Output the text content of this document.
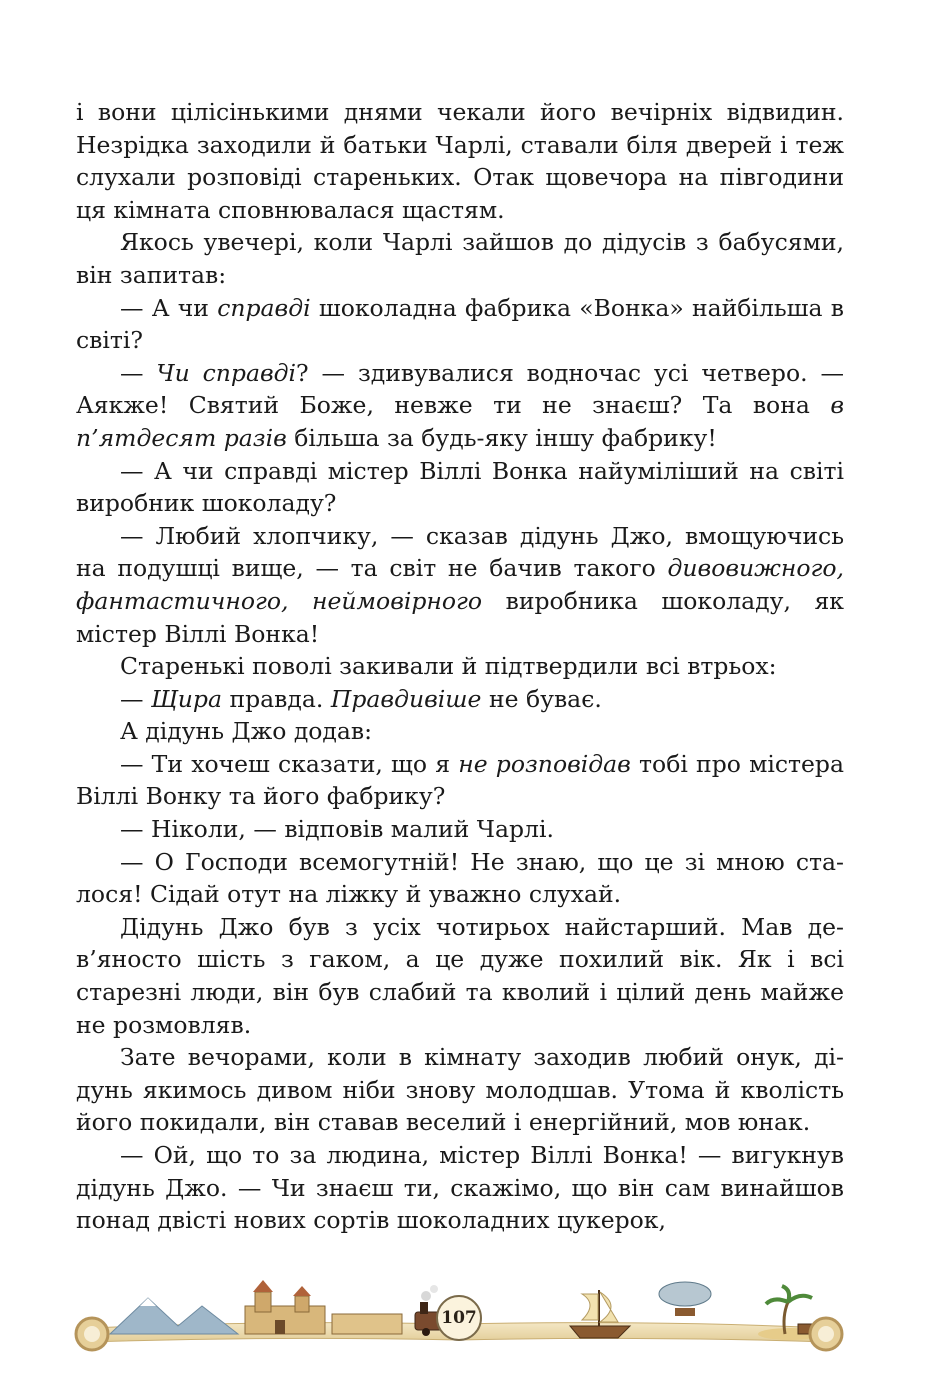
і вони цілісінькими днями чекали його вечірніх відвидин. Незрідка заходили й батьки Чарлі, ставали біля дверей і теж слухали розповіді старенькиx. Отак щовечора на півгодини ця кімната сповнювалася щастям.

Якось увечері, коли Чарлі зайшов до дідусів з бабусями, він запитав:

— А чи справді шоколадна фабрика «Вонка» найбільша в світі?

— Чи справді? — здивувалися водночас усі четверо. — Аякже! Святий Боже, невже ти не знаєш? Та вона в п’ятдесят разів більша за будь-яку іншу фабрику!

— А чи справді містер Віллі Вонка найуміліший на світі виробник шоколаду?

— Любий хлопчику, — сказав дідунь Джо, вмощуючись на подушці вище, — та світ не бачив такого дивовижного, фантастичного, неймовірного виробника шоколаду, як містер Віллі Вонка!

Старенькі поволі закивали й підтвердили всі втрьох:

— Щира правда. Правдивіше не буває.

А дідунь Джо додав:

— Ти хочеш сказати, що я не розповідав тобі про містера Віллі Вонку та його фабрику?

— Ніколи, — відповів малий Чарлі.

— О Господи всемогутній! Не знаю, що це зі мною сталося! Сідай отут на ліжку й уважно слухай.

Дідунь Джо був з усіх чотирьох найстарший. Мав дев’яносто шість з гаком, а це дуже похилий вік. Як і всі старезні люди, він був слабий та кволий і цілий день майже не розмовляв.

Зате вечорами, коли в кімнату заходив любий онук, дідунь якимось дивом ніби знову молодшав. Утома й кволість його покидали, він ставав веселий і енергійний, мов юнак.

— Ой, що то за людина, містер Віллі Вонка! — вигукнув дідунь Джо. — Чи знаєш ти, скажімо, що він сам винайшов понад двісті нових сортів шоколадних цукерок,

107
